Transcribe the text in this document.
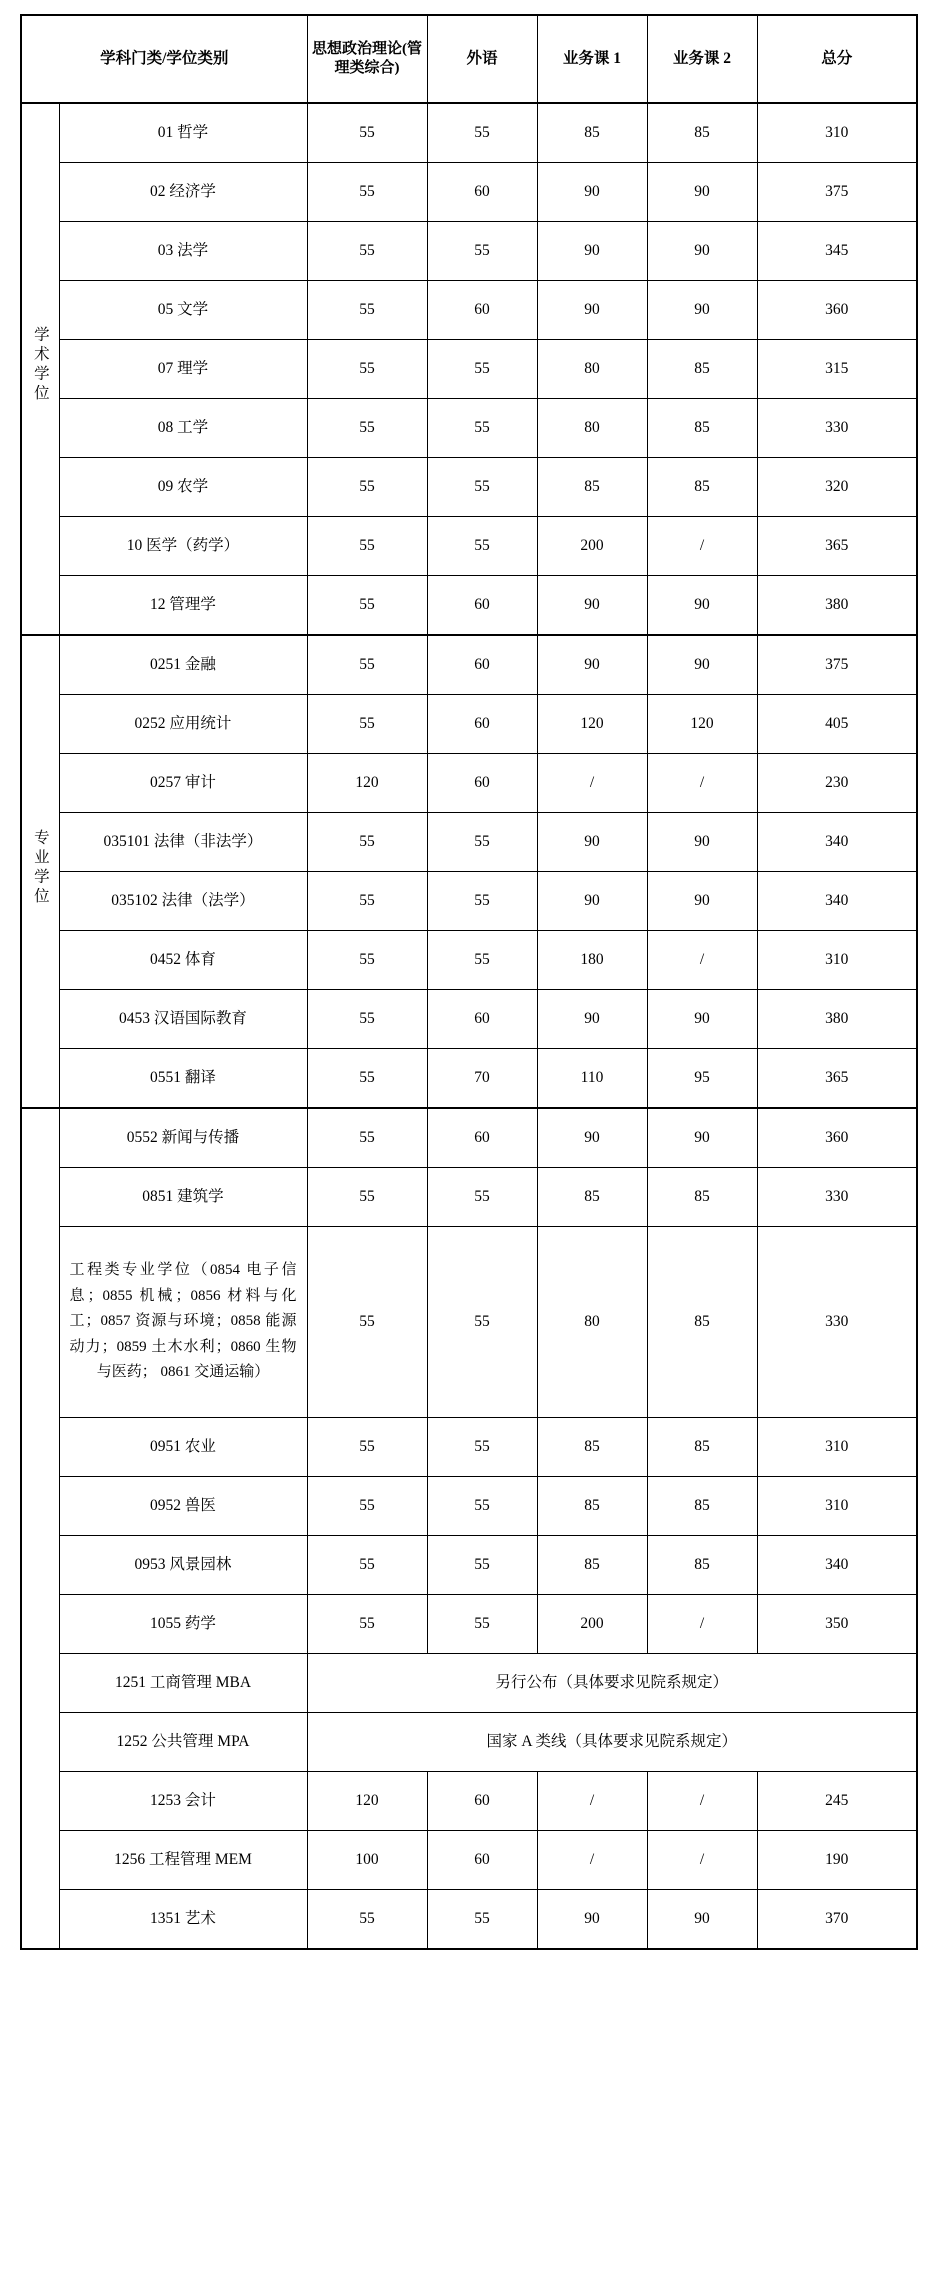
学科门类/学位类别		思想政治理论(管理类综合)	外语	业务课 1	业务课 2	总分
学术学位	01 哲学	55	55	85	85	310
	02 经济学	55	60	90	90	375
	03 法学	55	55	90	90	345
	05 文学	55	60	90	90	360
	07 理学	55	55	80	85	315
	08 工学	55	55	80	85	330
	09 农学	55	55	85	85	320
	10 医学（药学）	55	55	200	/	365
	12 管理学	55	60	90	90	380
专业学位	0251 金融	55	60	90	90	375
	0252 应用统计	55	60	120	120	405
	0257 审计	120	60	/	/	230
	035101 法律（非法学）	55	55	90	90	340
	035102 法律（法学）	55	55	90	90	340
	0452 体育	55	55	180	/	310
	0453 汉语国际教育	55	60	90	90	380
	0551 翻译	55	70	110	95	365
	0552 新闻与传播	55	60	90	90	360
	0851 建筑学	55	55	85	85	330
	工程类专业学位（0854 电子信息；0855 机械；0856 材料与化工；0857 资源与环境；0858 能源动力；0859 土木水利；0860 生物与医药； 0861 交通运输）	55	55	80	85	330
	0951 农业	55	55	85	85	310
	0952 兽医	55	55	85	85	310
	0953 风景园林	55	55	85	85	340
	1055 药学	55	55	200	/	350
	1251 工商管理 MBA	另行公布（具体要求见院系规定）				
	1252 公共管理 MPA	国家 A 类线（具体要求见院系规定）				
	1253 会计	120	60	/	/	245
	1256 工程管理 MEM	100	60	/	/	190
	1351 艺术	55	55	90	90	370
